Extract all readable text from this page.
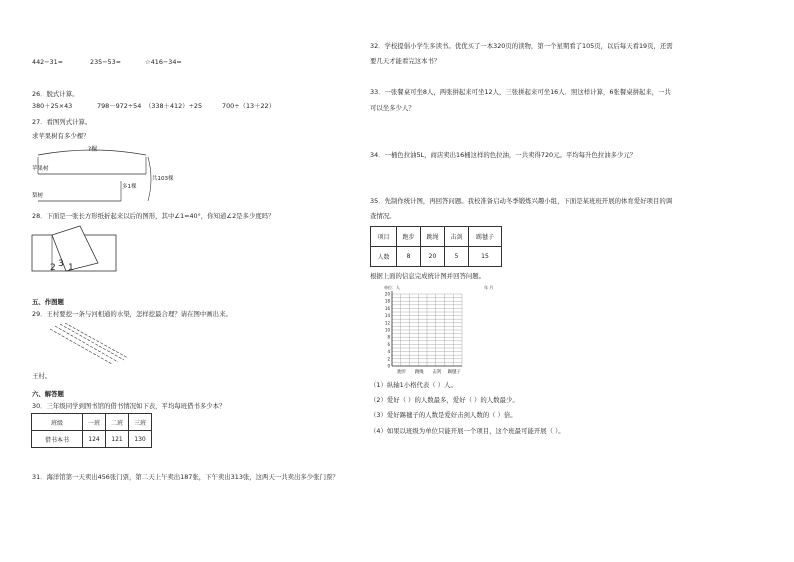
442−31=	235−53=	☆416−34=
26．脱式计算。
380＋25×43	798－972÷54 （338＋412）÷25	700÷（13＋22）
27．看图列式计算。
求苹果树有多少棵？
?棵
苹果树
梨树
多1棵
共103棵
28．下面是一张长方形纸折起来以后的图形，其中∠1=40°，你知道∠2是多少度吗？
2 3 1
五、作图题
29．王村要挖一条与河相通的水渠，怎样挖最合理？请在图中画出来。
王村。
六、解答题
30．三年级同学到图书馆的借书情况如下表，平均每班借书多少本？
班级	一班	二班	三班
借书本书	124	121	130
31．海洋馆第一天卖出456张门票，第二天上午卖出187张，下午卖出313张，这两天一共卖出多少张门票？
32．学校提倡小学生多读书。优优买了一本320页的读物，第一个星期看了105页，以后每天看19页，还需
要几天才能看完这本书？
33．一张餐桌可坐8人，两张拼起来可坐12人，三张拼起来可坐16人．照这样计算，6张餐桌拼起来，一共
可以坐多少人？
34．一桶色拉油5L，商店卖出16桶这样的色拉油，一共卖得720元。平均每升色拉油多少元？
35．先制作统计图，再回答问题。我校准备启动冬季锻炼兴趣小组，下面是某班班开展的体育爱好项目的调
查情况。
项目	跑步	跳绳	击剑	踢毽子
人数	8	20	5	15
根据上面的信息完成统计图并回答问题。
0
2
4
6
8
10
12
14
16
18
20
跑步 跳绳 击剑 踢毽子
单位：人	年 月
（1）纵轴1小格代表（ ）人。
（2）爱好（ ）的人数最多，爱好（ ）的人数最少。
（3）爱好踢毽子的人数是爱好击剑人数的（ ）倍。
（4）如果以班级为单位只能开展一个项目，这个班最可能开展（ ）。
